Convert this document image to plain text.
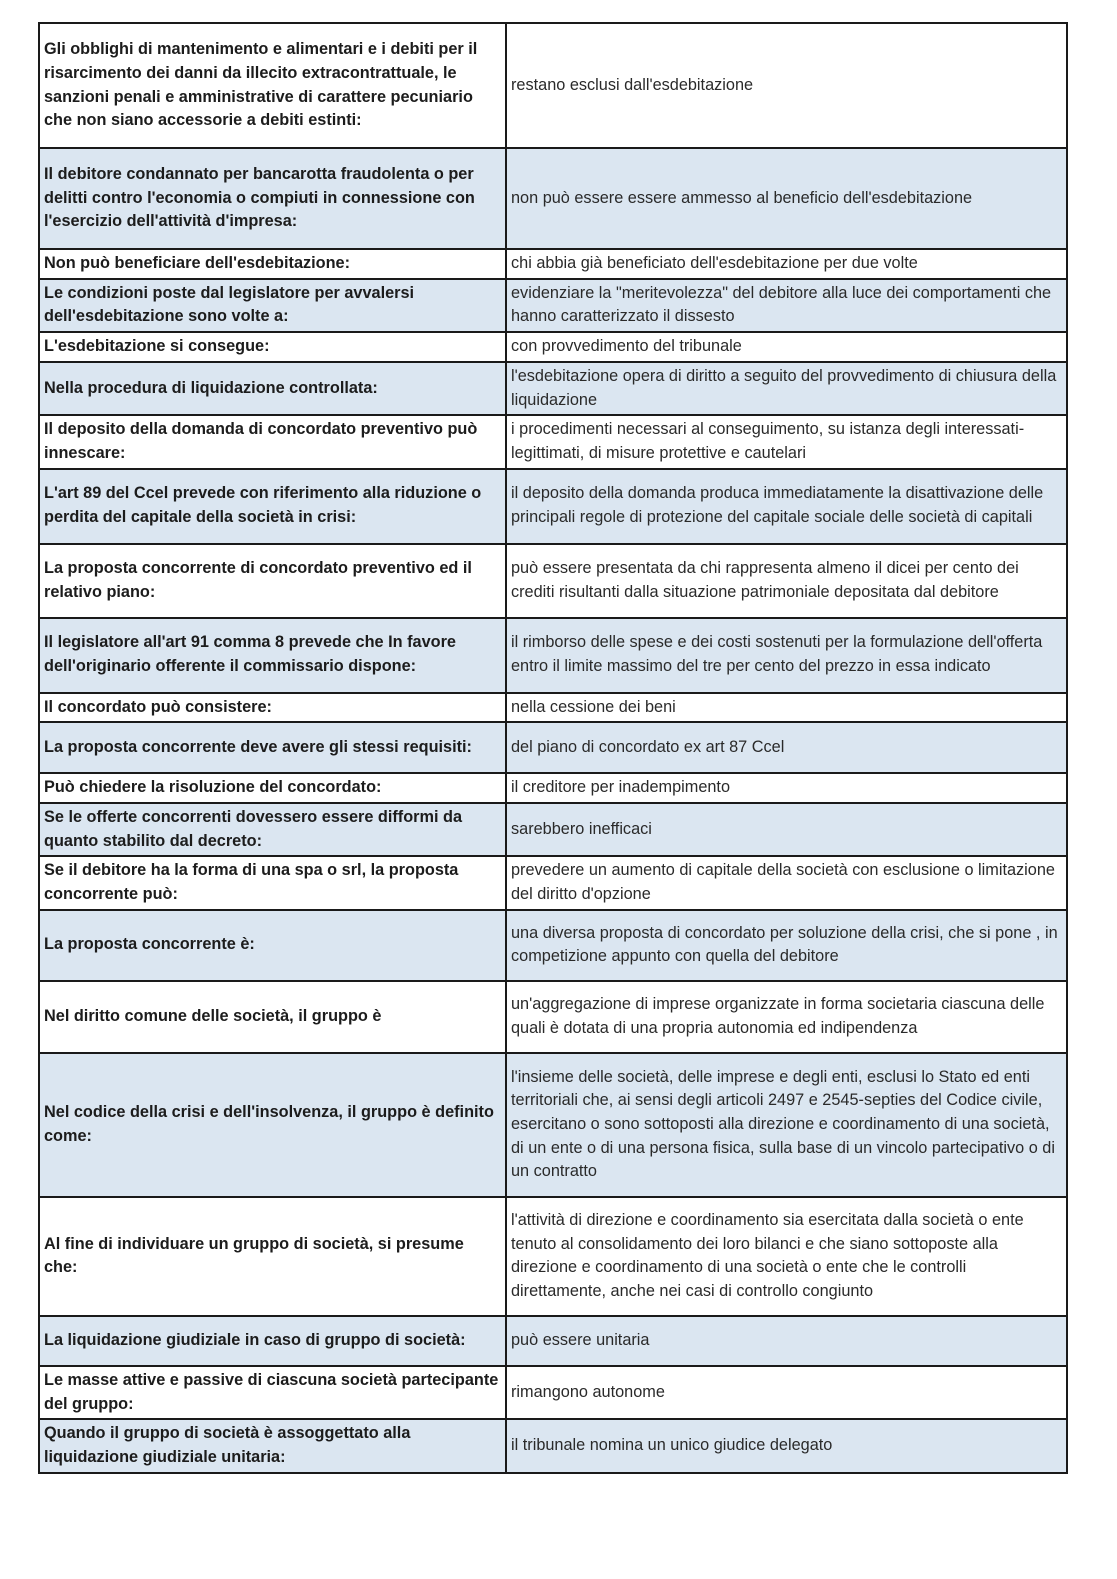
Gli obblighi di mantenimento e alimentari e i debiti per il risarcimento dei danni da illecito extracontrattuale, le sanzioni penali e amministrative di carattere pecuniario che non siano accessorie a debiti estinti:	restano esclusi dall'esdebitazione
Il debitore condannato per bancarotta fraudolenta o per delitti contro l'economia o compiuti in connessione con l'esercizio dell'attività d'impresa:	non può essere essere ammesso al beneficio dell'esdebitazione
Non può beneficiare dell'esdebitazione:	chi abbia già beneficiato dell'esdebitazione per due volte
Le condizioni poste dal legislatore per avvalersi dell'esdebitazione sono volte a:	evidenziare la "meritevolezza" del debitore alla luce dei comportamenti che hanno caratterizzato il dissesto
L'esdebitazione si consegue:	con provvedimento del tribunale
Nella procedura di liquidazione controllata:	l'esdebitazione opera di diritto a seguito del provvedimento di chiusura della liquidazione
Il deposito della domanda di concordato preventivo può innescare:	i procedimenti necessari al conseguimento, su istanza degli interessati-legittimati, di misure protettive e cautelari
L'art 89 del Ccel prevede con riferimento alla riduzione o perdita del capitale della società in crisi:	il deposito della domanda produca immediatamente la disattivazione delle principali regole di protezione del capitale sociale delle società di capitali
La proposta concorrente di concordato preventivo ed il relativo piano:	può essere presentata da chi rappresenta almeno il dicei per cento dei crediti risultanti dalla situazione patrimoniale depositata dal debitore
Il legislatore all'art 91 comma 8 prevede che In favore dell'originario offerente il commissario dispone:	il rimborso delle spese e dei costi sostenuti per la formulazione dell'offerta entro il limite massimo del tre per cento del prezzo in essa indicato
Il concordato può consistere:	nella cessione dei beni
La proposta concorrente deve avere gli stessi requisiti:	del piano di concordato ex art 87 Ccel
Può chiedere la risoluzione del concordato:	il creditore per inadempimento
Se le offerte concorrenti dovessero essere difformi da quanto stabilito dal decreto:	sarebbero inefficaci
Se il debitore ha la forma di una spa o srl, la proposta concorrente può:	prevedere un aumento di capitale della società con esclusione o limitazione del diritto d'opzione
La proposta concorrente è:	una diversa proposta di concordato per soluzione della crisi, che si pone , in competizione appunto con quella del debitore
Nel diritto comune delle società, il gruppo è	un'aggregazione di imprese organizzate in forma societaria ciascuna delle quali è dotata di una propria autonomia ed indipendenza
Nel codice della crisi e dell'insolvenza, il gruppo è definito come:	l'insieme delle società, delle imprese e degli enti, esclusi lo Stato ed enti territoriali che, ai sensi degli articoli 2497 e 2545-septies del Codice civile, esercitano o sono sottoposti alla direzione e coordinamento di una società, di un ente o di una persona fisica, sulla base di un vincolo partecipativo o di un contratto
Al fine di individuare un gruppo di società, si presume che:	l'attività di direzione e coordinamento sia esercitata dalla società o ente tenuto al consolidamento dei loro bilanci e che siano sottoposte alla direzione e coordinamento di una società o ente che le controlli direttamente, anche nei casi di controllo congiunto
La liquidazione giudiziale in caso di gruppo di società:	può essere unitaria
Le masse attive e passive di ciascuna società partecipante del gruppo:	rimangono autonome
Quando il gruppo di società è assoggettato alla liquidazione giudiziale unitaria:	il tribunale nomina un unico giudice delegato
